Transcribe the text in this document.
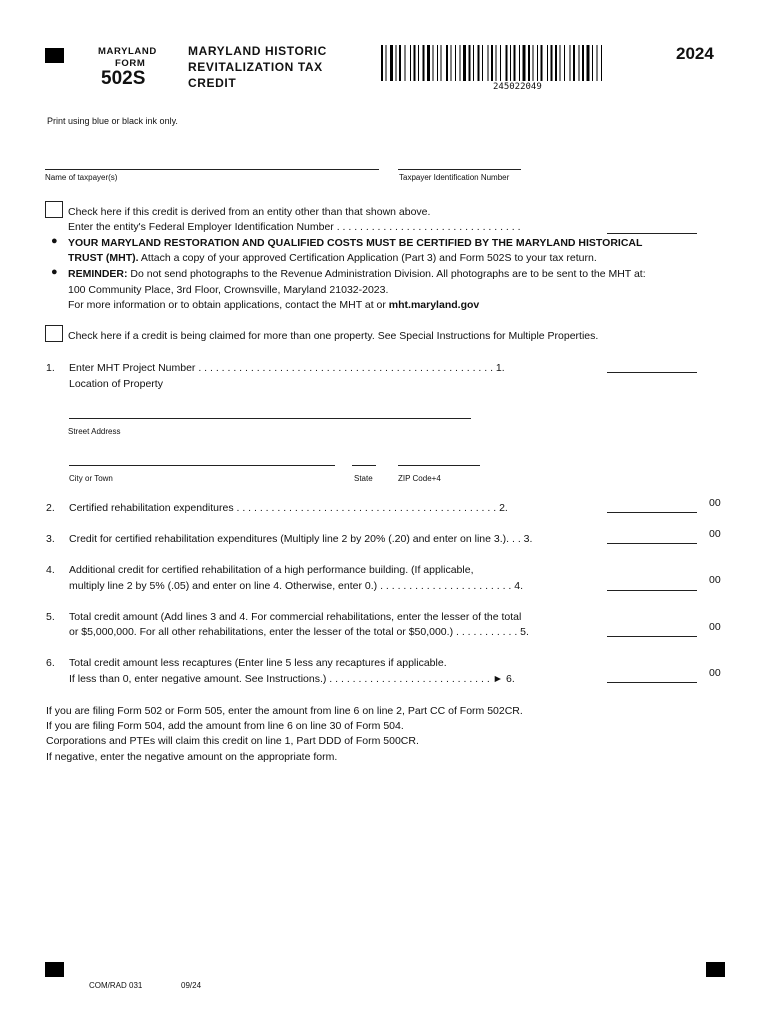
MARYLAND
FORM
502S
MARYLAND HISTORIC
REVITALIZATION TAX
CREDIT	245022049
2024
Print using blue or black ink only.
Name of taxpayer(s)	Taxpayer Identification Number
Check here if this credit is derived from an entity other than that shown above.
Enter the entity's Federal Employer Identification Number . . . . . . . . . . . . . . . . . . . . . . . . . . . . . . . .
● YOUR MARYLAND RESTORATION AND QUALIFIED COSTS MUST BE CERTIFIED BY THE MARYLAND HISTORICAL
TRUST (MHT). Attach a copy of your approved Certification Application (Part 3) and Form 502S to your tax return.
● REMINDER: Do not send photographs to the Revenue Administration Division. All photographs are to be sent to the MHT at:
100 Community Place, 3rd Floor, Crownsville, Maryland 21032-2023.
For more information or to obtain applications, contact the MHT at or mht.maryland.gov
Check here if a credit is being claimed for more than one property. See Special Instructions for Multiple Properties.
1. Enter MHT Project Number . . . . . . . . . . . . . . . . . . . . . . . . . . . . . . . . . . . . . . . . . . . . . . . . . . . 1.
Location of Property
Street Address
City or Town	State	ZIP Code+4
2. Certified rehabilitation expenditures . . . . . . . . . . . . . . . . . . . . . . . . . . . . . . . . . . . . . . . . . . . . . 2.	00
3. Credit for certified rehabilitation expenditures (Multiply line 2 by 20% (.20) and enter on line 3.). . . 3.	00
4. Additional credit for certified rehabilitation of a high performance building. (If applicable,
multiply line 2 by 5% (.05) and enter on line 4. Otherwise, enter 0.) . . . . . . . . . . . . . . . . . . . . . . . 4.	00
5. Total credit amount (Add lines 3 and 4. For commercial rehabilitations, enter the lesser of the total
or $5,000,000. For all other rehabilitations, enter the lesser of the total or $50,000.) . . . . . . . . . . . 5.	00
6. Total credit amount less recaptures (Enter line 5 less any recaptures if applicable.
If less than 0, enter negative amount. See Instructions.) . . . . . . . . . . . . . . . . . . . . . . . . . . . . ► 6.	00
If you are filing Form 502 or Form 505, enter the amount from line 6 on line 2, Part CC of Form 502CR.
If you are filing Form 504, add the amount from line 6 on line 30 of Form 504.
Corporations and PTEs will claim this credit on line 1, Part DDD of Form 500CR.
If negative, enter the negative amount on the appropriate form.
COM/RAD 031	09/24
